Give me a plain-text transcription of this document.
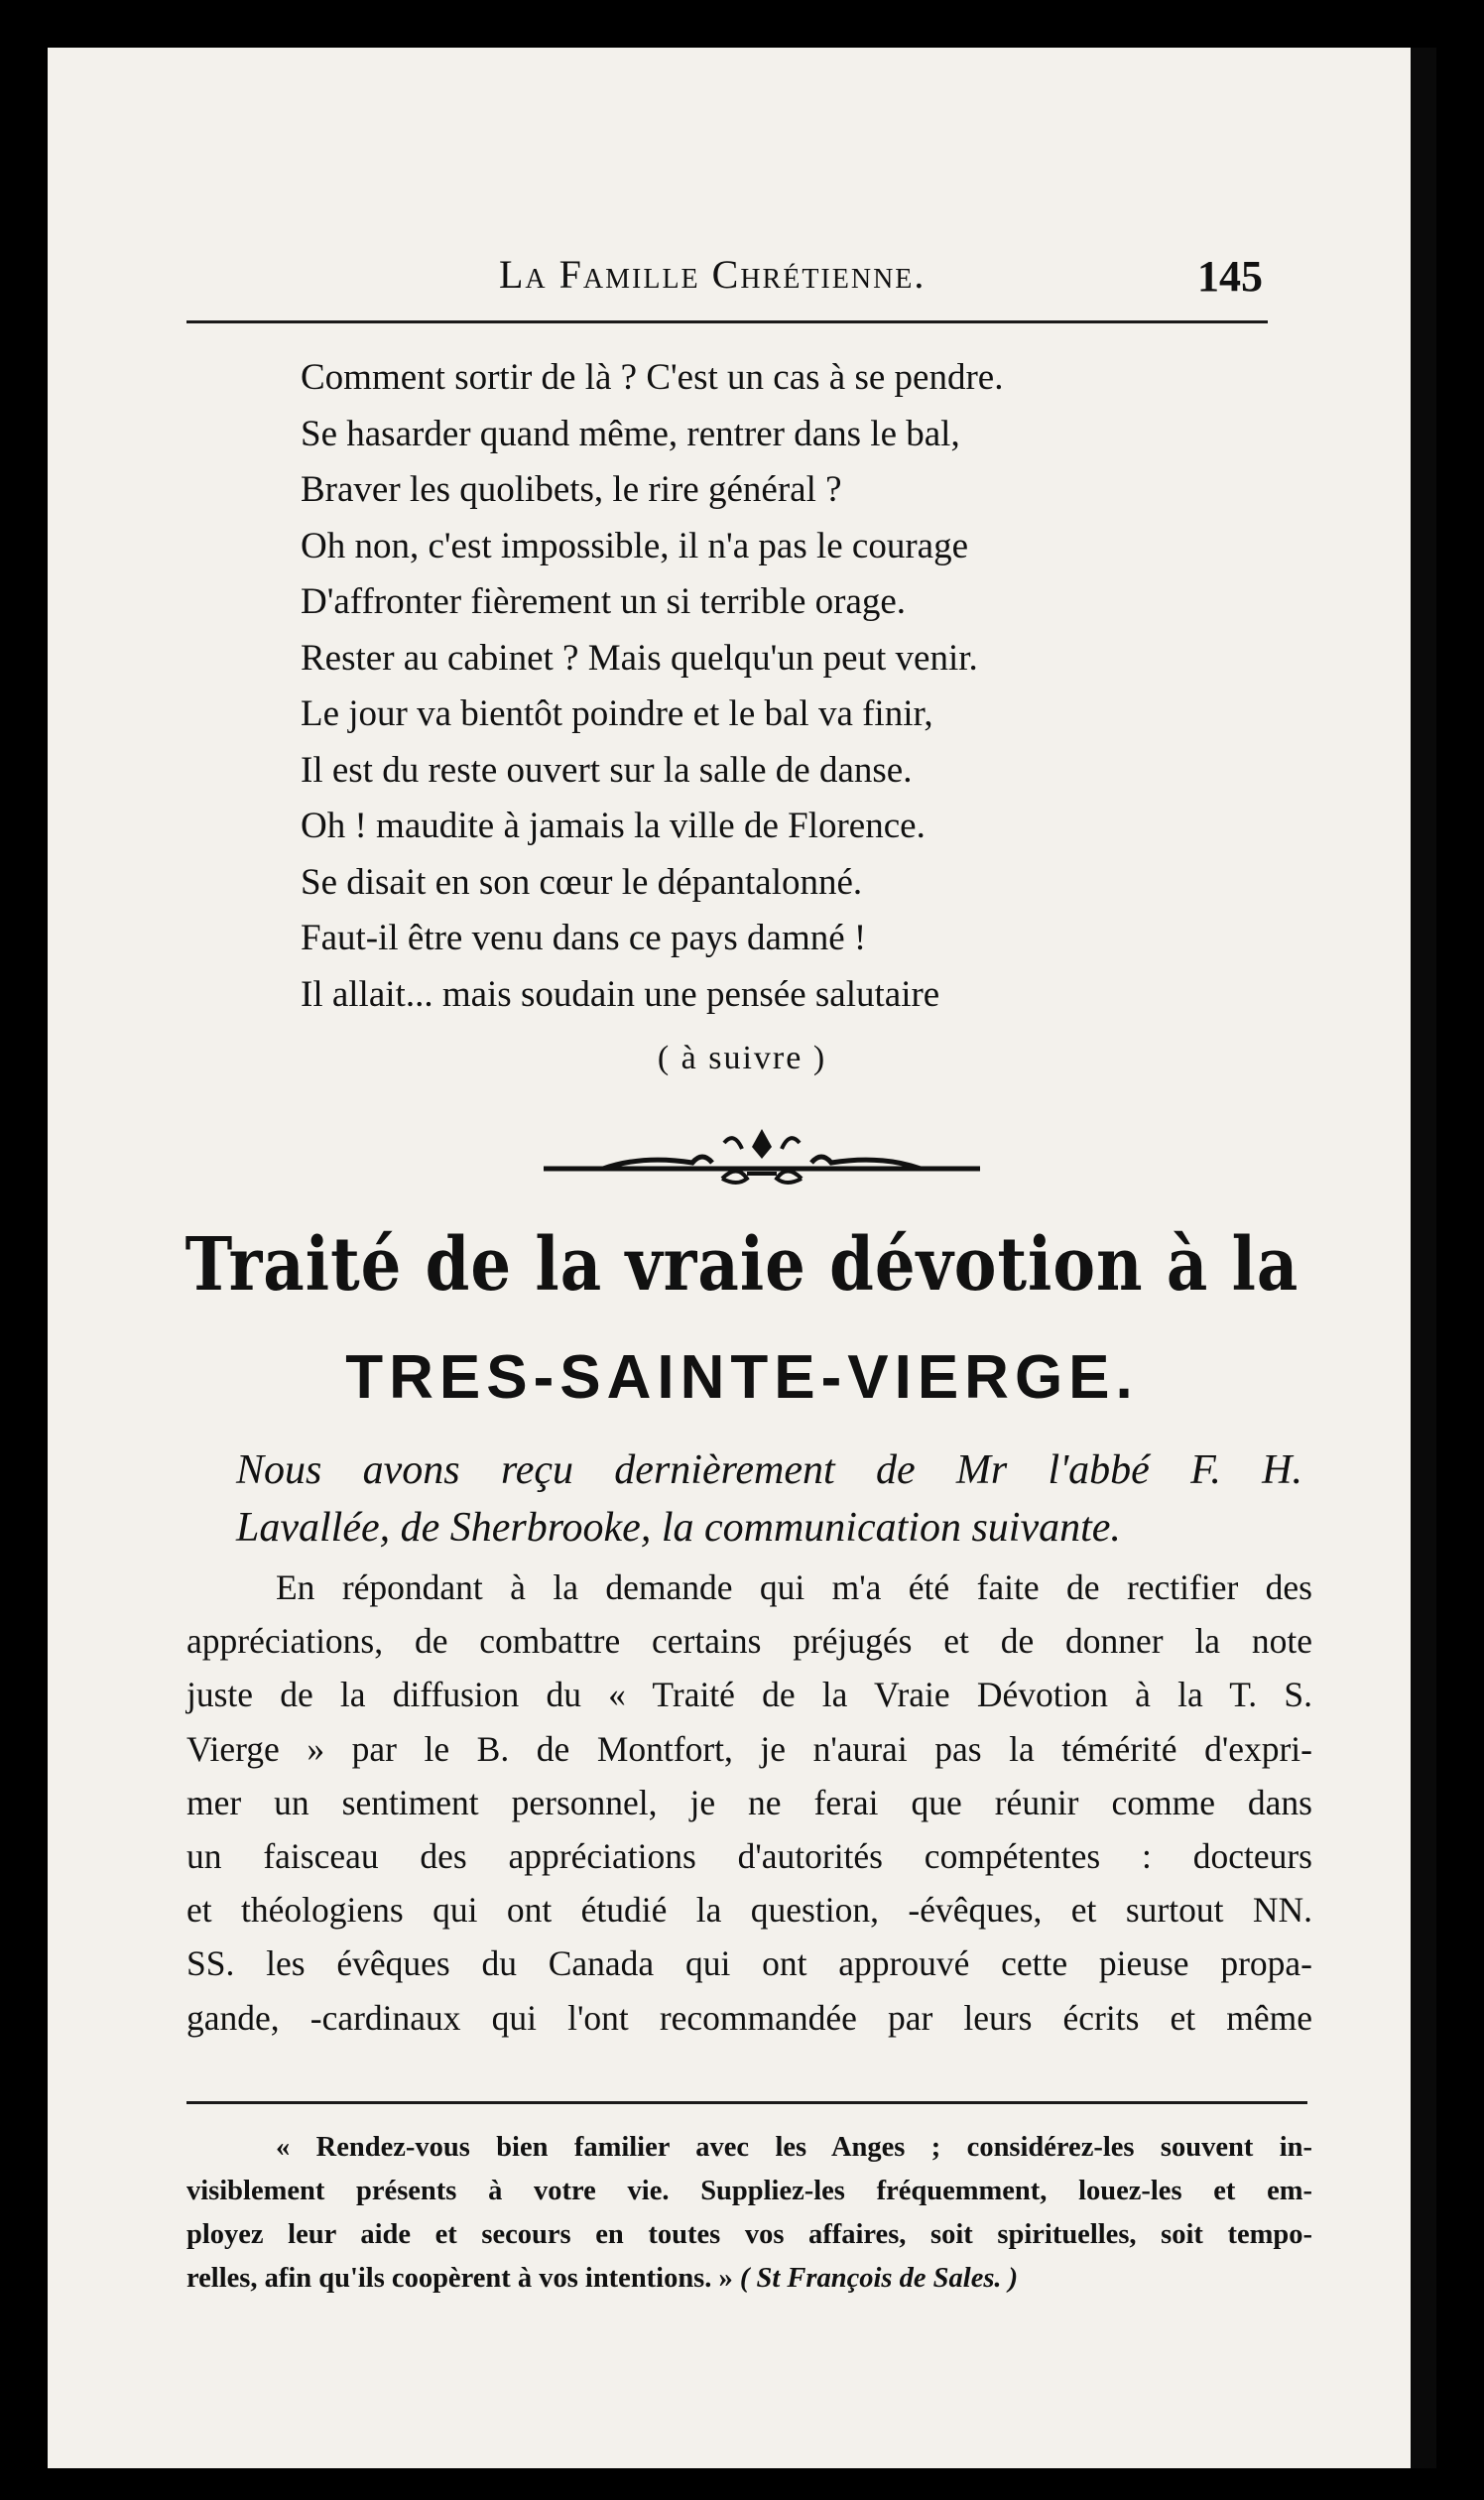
La Famille Chrétienne.	145
Comment sortir de là ? C'est un cas à se pendre.
Se hasarder quand même, rentrer dans le bal,
Braver les quolibets, le rire général ?
Oh non, c'est impossible, il n'a pas le courage
D'affronter fièrement un si terrible orage.
Rester au cabinet ? Mais quelqu'un peut venir.
Le jour va bientôt poindre et le bal va finir,
Il est du reste ouvert sur la salle de danse.
Oh ! maudite à jamais la ville de Florence.
Se disait en son cœur le dépantalonné.
Faut-il être venu dans ce pays damné !
Il allait... mais soudain une pensée salutaire
( à suivre )
Traité de la vraie dévotion à la
TRES-SAINTE-VIERGE.
Nous avons reçu dernièrement de Mr l'abbé F. H.
Lavallée, de Sherbrooke, la communication suivante.
En répondant à la demande qui m'a été faite de rectifier des
appréciations, de combattre certains préjugés et de donner la note
juste de la diffusion du « Traité de la Vraie Dévotion à la T. S.
Vierge » par le B. de Montfort, je n'aurai pas la témérité d'expri-
mer un sentiment personnel, je ne ferai que réunir comme dans
un faisceau des appréciations d'autorités compétentes : docteurs
et théologiens qui ont étudié la question, -évêques, et surtout NN.
SS. les évêques du Canada qui ont approuvé cette pieuse propa-
gande, -cardinaux qui l'ont recommandée par leurs écrits et même
« Rendez-vous bien familier avec les Anges ; considérez-les souvent in-
visiblement présents à votre vie. Suppliez-les fréquemment, louez-les et em-
ployez leur aide et secours en toutes vos affaires, soit spirituelles, soit tempo-
relles, afin qu'ils coopèrent à vos intentions. » ( St François de Sales. )
